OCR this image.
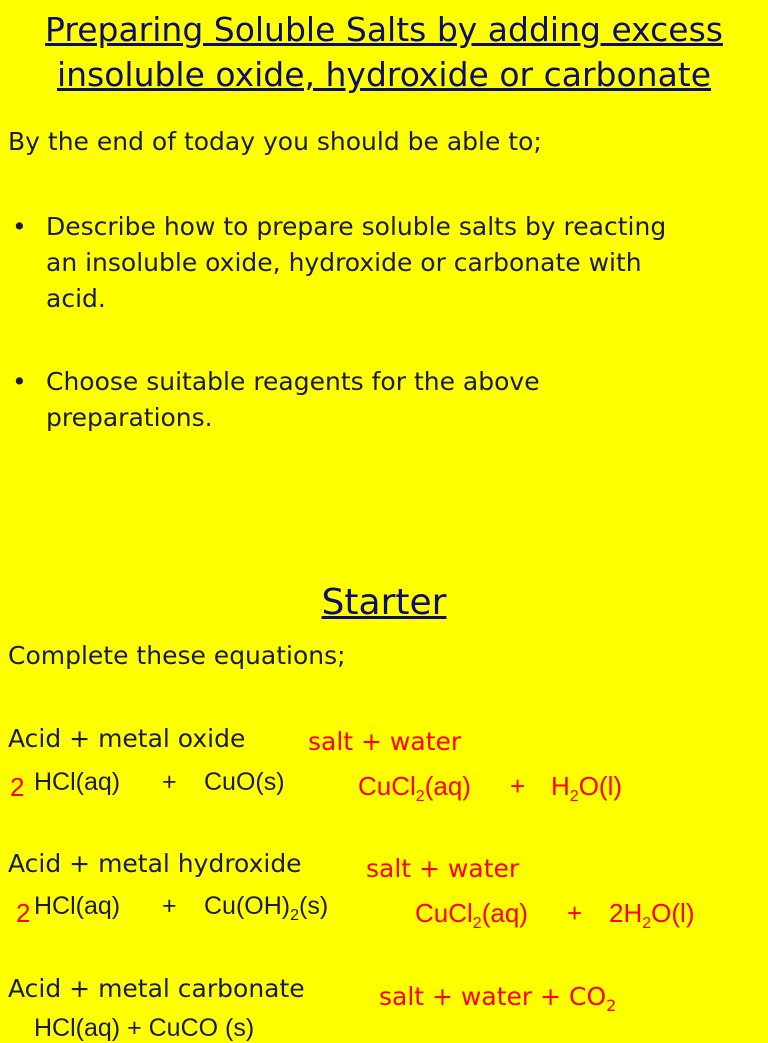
Preparing Soluble Salts by adding excess
insoluble oxide, hydroxide or carbonate
By the end of today you should be able to;
• Describe how to prepare soluble salts by reacting
an insoluble oxide, hydroxide or carbonate with
acid.
• Choose suitable reagents for the above
preparations.
Starter
Complete these equations;
Acid + metal oxide	salt + water
2 HCl(aq) + CuO(s)	CuCl$_2$(aq) + $H_2O(l)$
Acid + metal hydroxide	salt + water
2 $HCl(aq) + Cu(OH)_2(s)$	CuCl$_2$(aq) + $2H_2O(l)$
Acid + metal carbonate	salt + water + $CO_2$
HCl(aq) + CuCO (s)
